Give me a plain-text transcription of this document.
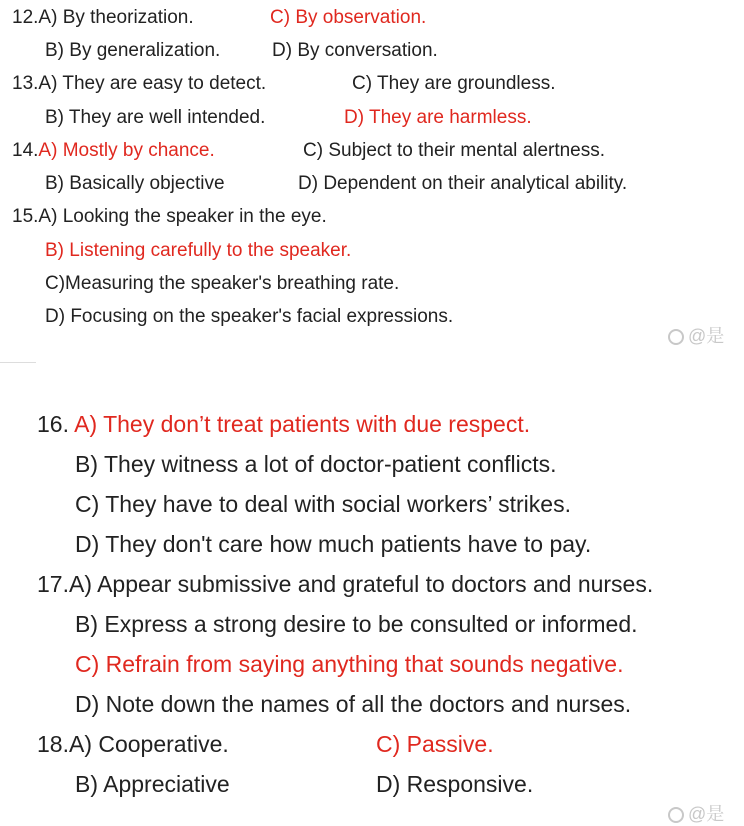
12.A) By theorization.	C) By observation.
B) By generalization.	D) By conversation.
13.A) They are easy to detect.	C) They are groundless.
B) They are well intended.	D) They are harmless.
14.A) Mostly by chance.	C) Subject to their mental alertness.
B) Basically objective	D) Dependent on their analytical ability.
15.A) Looking the speaker in the eye.
B) Listening carefully to the speaker.
C)Measuring the speaker's breathing rate.
D) Focusing on the speaker's facial expressions.
@是
16. A) They don’t treat patients with due respect.
B) They witness a lot of doctor-patient conflicts.
C) They have to deal with social workers’ strikes.
D) They don't care how much patients have to pay.
17.A) Appear submissive and grateful to doctors and nurses.
B) Express a strong desire to be consulted or informed.
C) Refrain from saying anything that sounds negative.
D) Note down the names of all the doctors and nurses.
18.A) Cooperative.	C) Passive.
B) Appreciative	D) Responsive.
@是
